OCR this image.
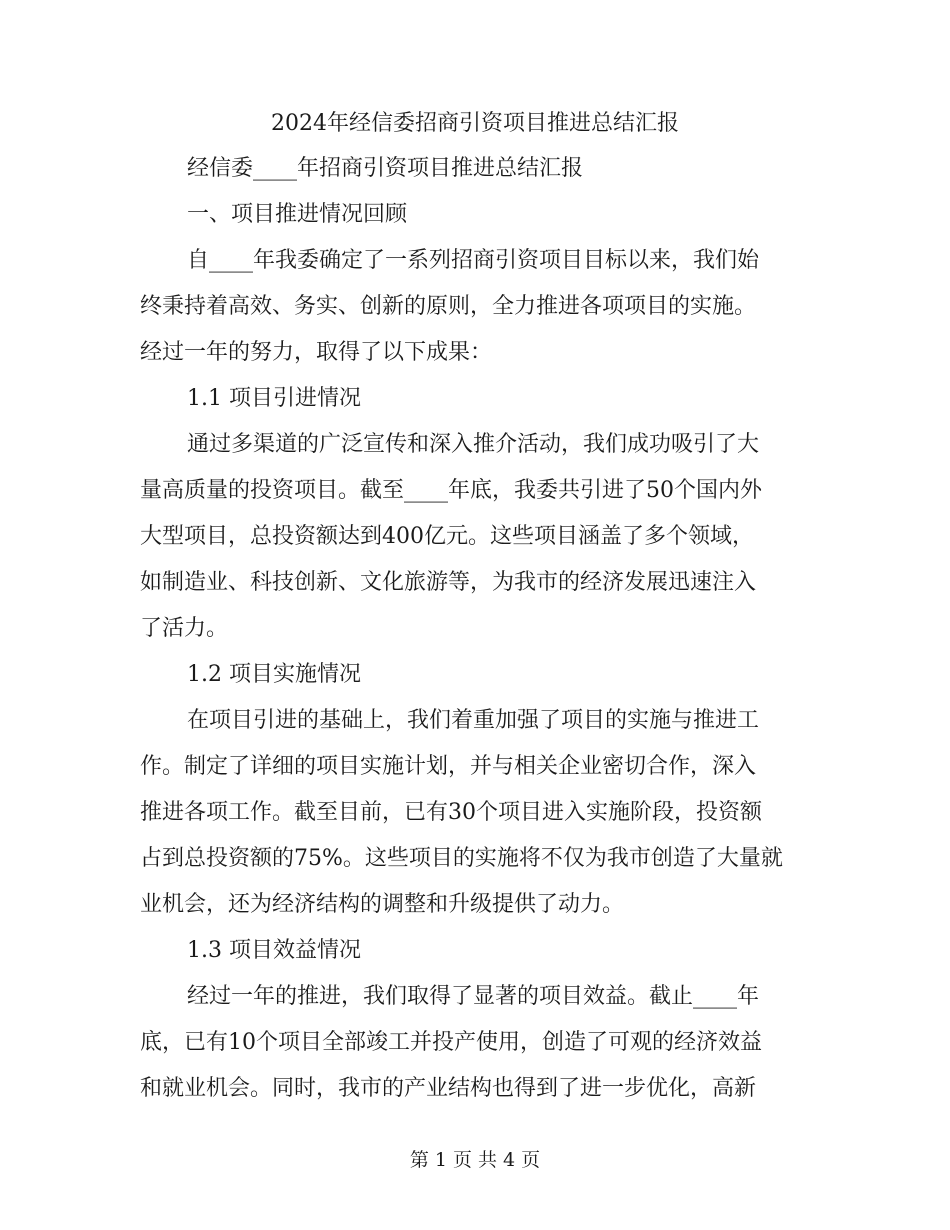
2024年经信委招商引资项目推进总结汇报
经信委____年招商引资项目推进总结汇报
一、项目推进情况回顾
自____年我委确定了一系列招商引资项目目标以来，我们始
终秉持着高效、务实、创新的原则，全力推进各项项目的实施。
经过一年的努力，取得了以下成果：
1.1 项目引进情况
通过多渠道的广泛宣传和深入推介活动，我们成功吸引了大
量高质量的投资项目。截至____年底，我委共引进了50个国内外
大型项目，总投资额达到400亿元。这些项目涵盖了多个领域，
如制造业、科技创新、文化旅游等，为我市的经济发展迅速注入
了活力。
1.2 项目实施情况
在项目引进的基础上，我们着重加强了项目的实施与推进工
作。制定了详细的项目实施计划，并与相关企业密切合作，深入
推进各项工作。截至目前，已有30个项目进入实施阶段，投资额
占到总投资额的75%。这些项目的实施将不仅为我市创造了大量就
业机会，还为经济结构的调整和升级提供了动力。
1.3 项目效益情况
经过一年的推进，我们取得了显著的项目效益。截止____年
底，已有10个项目全部竣工并投产使用，创造了可观的经济效益
和就业机会。同时，我市的产业结构也得到了进一步优化，高新
第 1 页 共 4 页
